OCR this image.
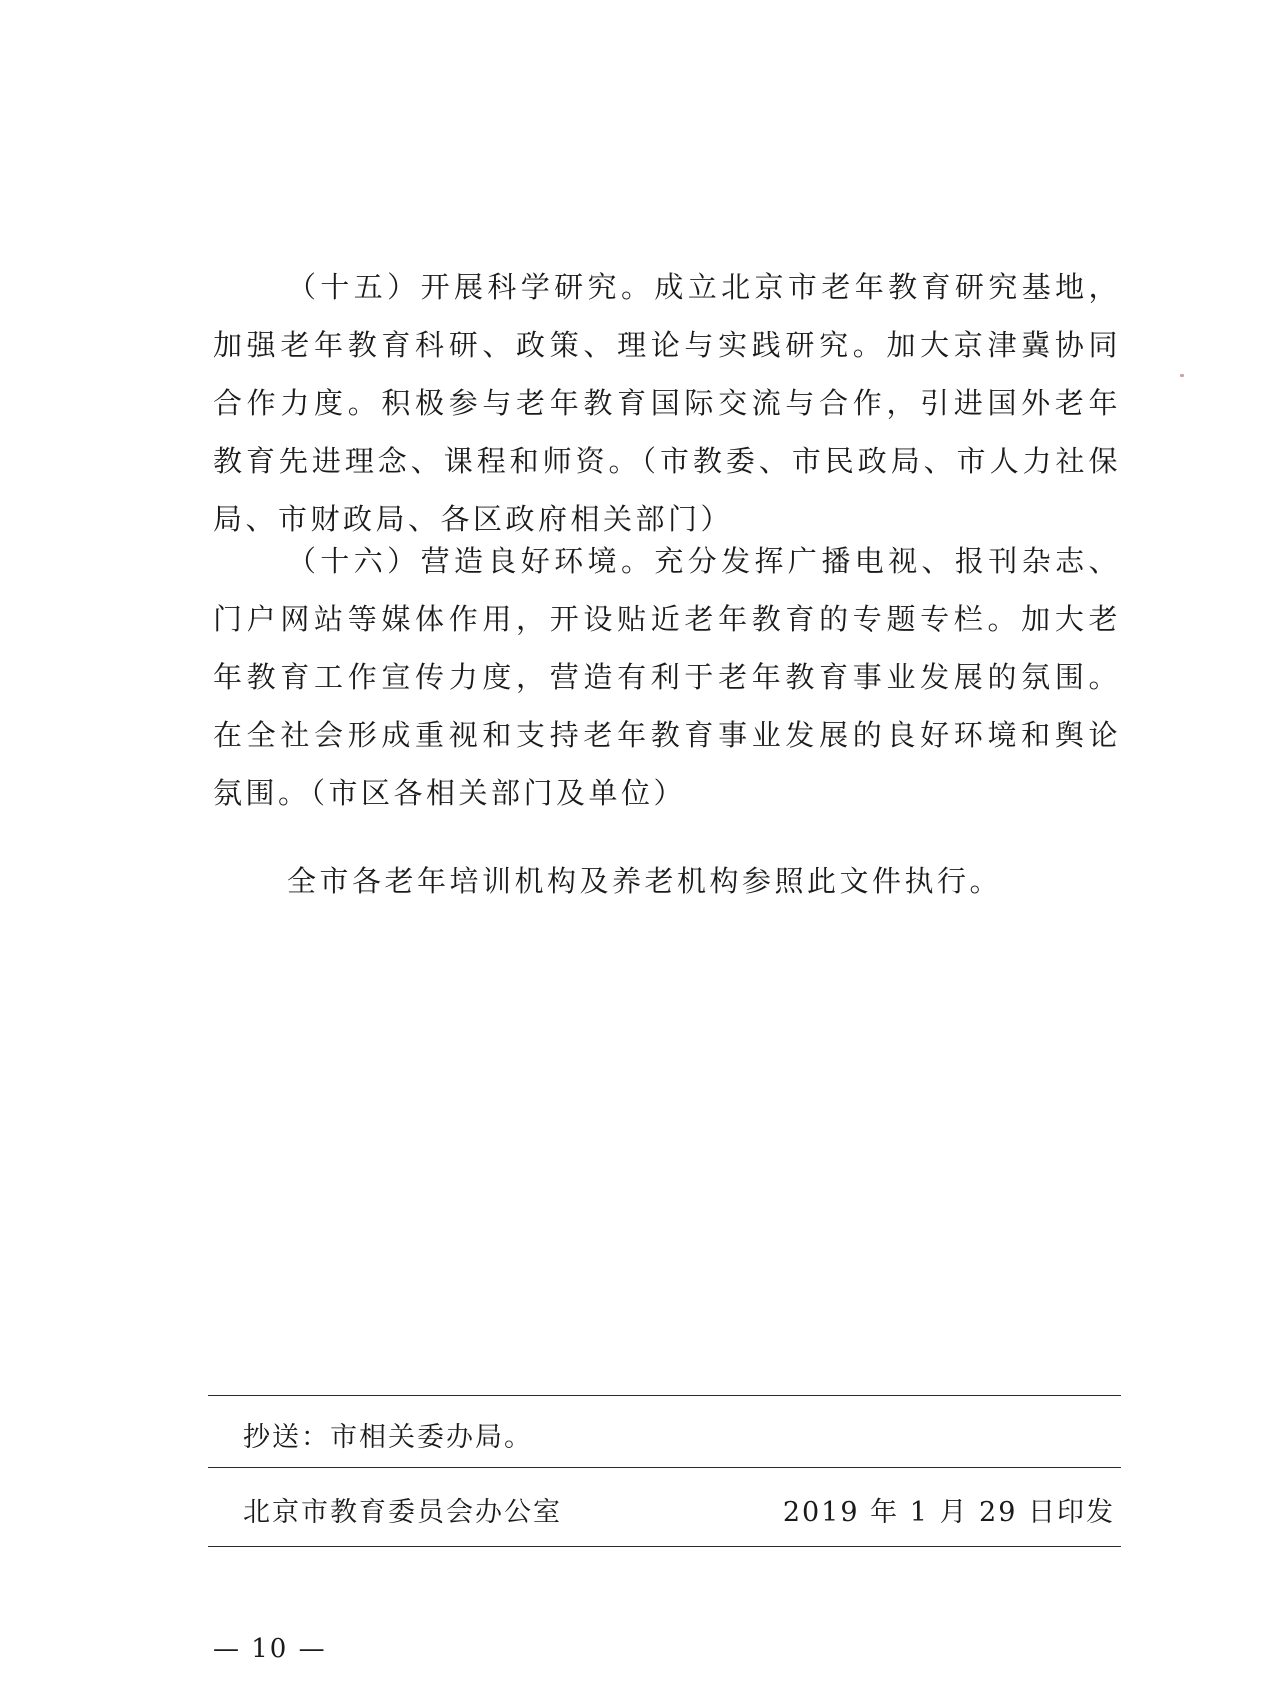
（十五）开展科学研究。成立北京市老年教育研究基地，加强老年教育科研、政策、理论与实践研究。加大京津冀协同合作力度。积极参与老年教育国际交流与合作，引进国外老年教育先进理念、课程和师资。（市教委、市民政局、市人力社保局、市财政局、各区政府相关部门）

（十六）营造良好环境。充分发挥广播电视、报刊杂志、门户网站等媒体作用，开设贴近老年教育的专题专栏。加大老年教育工作宣传力度，营造有利于老年教育事业发展的氛围。在全社会形成重视和支持老年教育事业发展的良好环境和舆论氛围。（市区各相关部门及单位）

全市各老年培训机构及养老机构参照此文件执行。

抄送：市相关委办局。
北京市教育委员会办公室	2019 年 1 月 29 日印发
— 10 —
